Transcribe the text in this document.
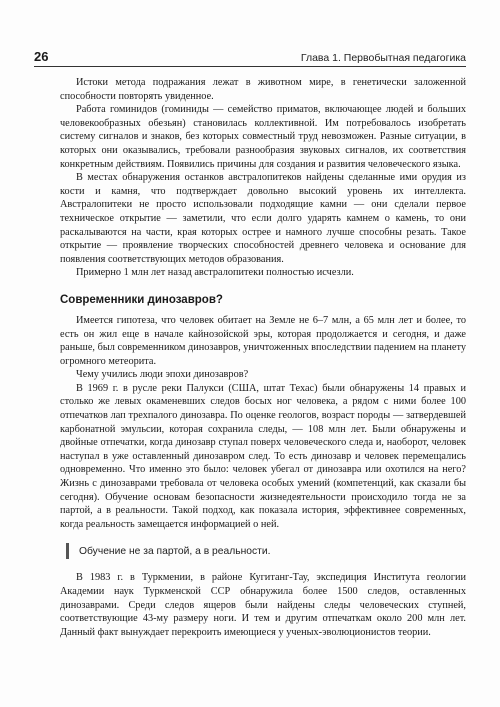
26	Глава 1. Первобытная педагогика

Истоки метода подражания лежат в животном мире, в генетически заложенной способности повторять увиденное.

Работа гоминидов (гоминиды — семейство приматов, включающее людей и больших человекообразных обезьян) становилась коллективной. Им потребовалось изобретать систему сигналов и знаков, без которых совместный труд невозможен. Разные ситуации, в которых они оказывались, требовали разнообразия звуковых сигналов, их соответствия конкретным действиям. Появились причины для создания и развития человеческого языка.

В местах обнаружения останков австралопитеков найдены сделанные ими орудия из кости и камня, что подтверждает довольно высокий уровень их интеллекта. Австралопитеки не просто использовали подходящие камни — они сделали первое техническое открытие — заметили, что если долго ударять камнем о камень, то они раскалываются на части, края которых острее и намного лучше способны резать. Такое открытие — проявление творческих способностей древнего человека и основание для появления соответствующих методов образования.

Примерно 1 млн лет назад австралопитеки полностью исчезли.

Современники динозавров?

Имеется гипотеза, что человек обитает на Земле не 6–7 млн, а 65 млн лет и более, то есть он жил еще в начале кайнозойской эры, которая продолжается и сегодня, и даже раньше, был современником динозавров, уничтоженных впоследствии падением на планету огромного метеорита.

Чему учились люди эпохи динозавров?

В 1969 г. в русле реки Палукси (США, штат Техас) были обнаружены 14 правых и столько же левых окаменевших следов босых ног человека, а рядом с ними более 100 отпечатков лап трехпалого динозавра. По оценке геологов, возраст породы — затвердевшей карбонатной эмульсии, которая сохранила следы, — 108 млн лет. Были обнаружены и двойные отпечатки, когда динозавр ступал поверх человеческого следа и, наоборот, человек наступал в уже оставленный динозавром след. То есть динозавр и человек перемещались одновременно. Что именно это было: человек убегал от динозавра или охотился на него? Жизнь с динозаврами требовала от человека особых умений (компетенций, как сказали бы сегодня). Обучение основам безопасности жизнедеятельности происходило тогда не за партой, а в реальности. Такой подход, как показала история, эффективнее современных, когда реальность замещается информацией о ней.

Обучение не за партой, а в реальности.

В 1983 г. в Туркмении, в районе Кугитанг-Тау, экспедиция Института геологии Академии наук Туркменской ССР обнаружила более 1500 следов, оставленных динозаврами. Среди следов ящеров были найдены следы человеческих ступней, соответствующие 43-му размеру ноги. И тем и другим отпечаткам около 200 млн лет. Данный факт вынуждает перекроить имеющиеся у ученых-эволюционистов теории.
